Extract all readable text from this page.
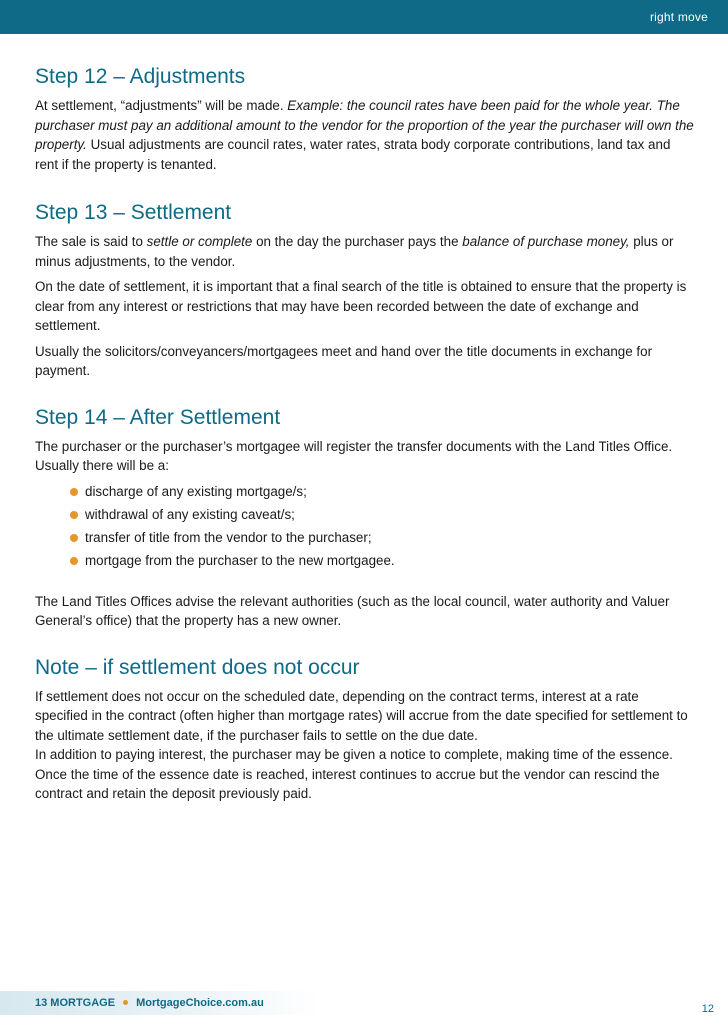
right move
Step 12 – Adjustments

At settlement, “adjustments” will be made. Example: the council rates have been paid for the whole year. The purchaser must pay an additional amount to the vendor for the proportion of the year the purchaser will own the property. Usual adjustments are council rates, water rates, strata body corporate contributions, land tax and rent if the property is tenanted.

Step 13 – Settlement

The sale is said to settle or complete on the day the purchaser pays the balance of purchase money, plus or minus adjustments, to the vendor.

On the date of settlement, it is important that a final search of the title is obtained to ensure that the property is clear from any interest or restrictions that may have been recorded between the date of exchange and settlement.

Usually the solicitors/conveyancers/mortgagees meet and hand over the title documents in exchange for payment.

Step 14 – After Settlement

The purchaser or the purchaser’s mortgagee will register the transfer documents with the Land Titles Office. Usually there will be a:

discharge of any existing mortgage/s;
withdrawal of any existing caveat/s;
transfer of title from the vendor to the purchaser;
mortgage from the purchaser to the new mortgagee.

The Land Titles Offices advise the relevant authorities (such as the local council, water authority and Valuer General’s office) that the property has a new owner.

Note – if settlement does not occur

If settlement does not occur on the scheduled date, depending on the contract terms, interest at a rate specified in the contract (often higher than mortgage rates) will accrue from the date specified for settlement to the ultimate settlement date, if the purchaser fails to settle on the due date.

In addition to paying interest, the purchaser may be given a notice to complete, making time of the essence. Once the time of the essence date is reached, interest continues to accrue but the vendor can rescind the contract and retain the deposit previously paid.

13 MORTGAGE MortgageChoice.com.au	12
